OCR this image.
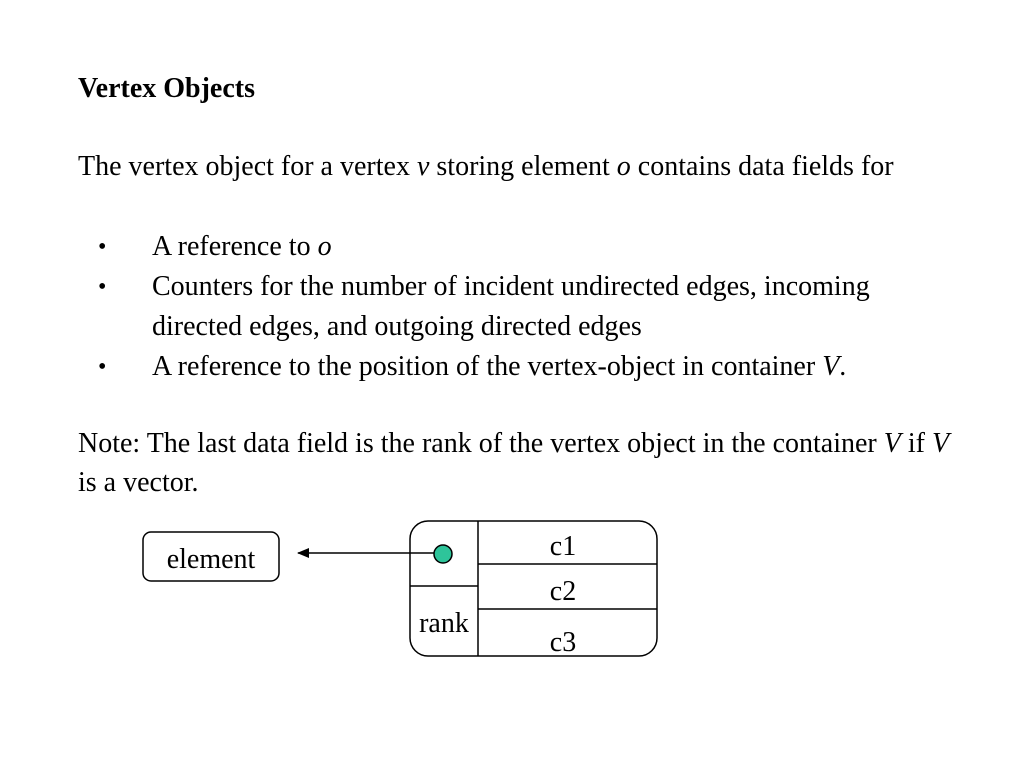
Vertex Objects
The vertex object for a vertex v storing element o contains data fields for
• A reference to o
• Counters for the number of incident undirected edges, incoming directed edges, and outgoing directed edges
• A reference to the position of the vertex-object in container V.
Note: The last data field is the rank of the vertex object in the container V if V is a vector.
element
rank
c1
c2
c3
